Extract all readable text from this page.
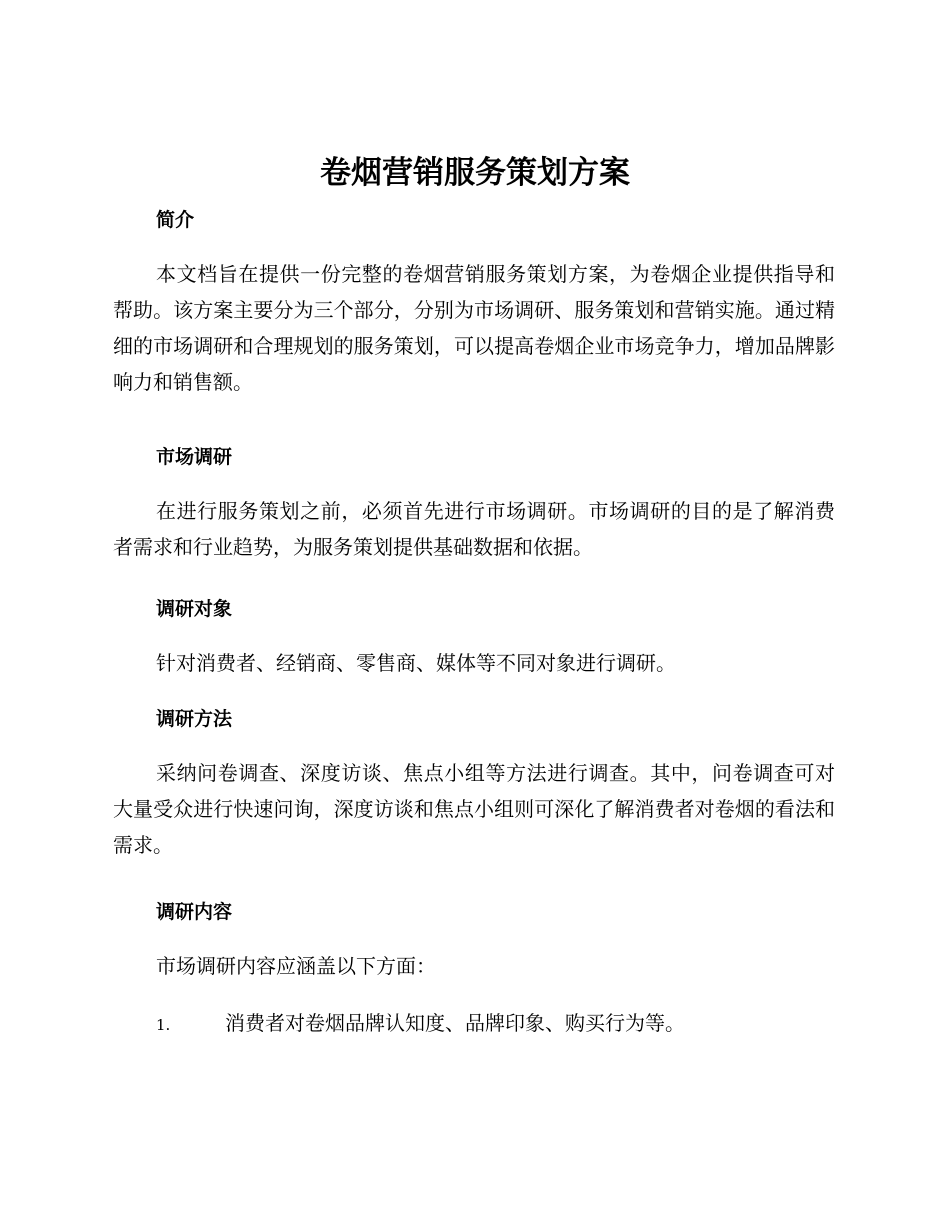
卷烟营销服务策划方案
简介

本文档旨在提供一份完整的卷烟营销服务策划方案，为卷烟企业提供指导和帮助。该方案主要分为三个部分，分别为市场调研、服务策划和营销实施。通过精细的市场调研和合理规划的服务策划，可以提高卷烟企业市场竞争力，增加品牌影响力和销售额。

市场调研

在进行服务策划之前，必须首先进行市场调研。市场调研的目的是了解消费者需求和行业趋势，为服务策划提供基础数据和依据。

调研对象

针对消费者、经销商、零售商、媒体等不同对象进行调研。

调研方法

采纳问卷调查、深度访谈、焦点小组等方法进行调查。其中，问卷调查可对大量受众进行快速问询，深度访谈和焦点小组则可深化了解消费者对卷烟的看法和需求。

调研内容

市场调研内容应涵盖以下方面：

1.	消费者对卷烟品牌认知度、品牌印象、购买行为等。
